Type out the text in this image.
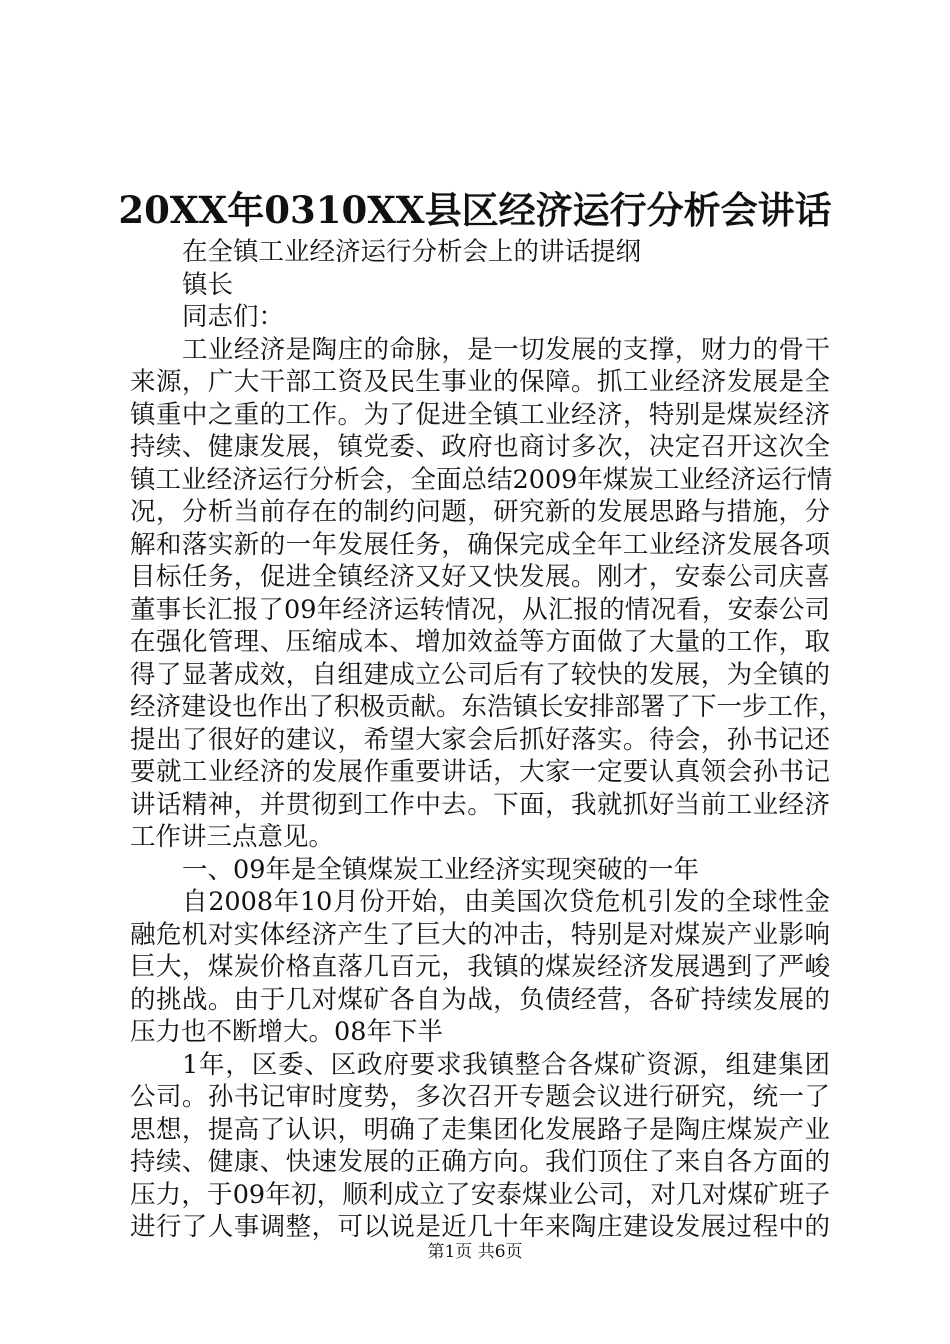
20XX年0310XX县区经济运行分析会讲话
在全镇工业经济运行分析会上的讲话提纲
镇长
同志们：
工业经济是陶庄的命脉，是一切发展的支撑，财力的骨干
来源，广大干部工资及民生事业的保障。抓工业经济发展是全
镇重中之重的工作。为了促进全镇工业经济，特别是煤炭经济
持续、健康发展，镇党委、政府也商讨多次，决定召开这次全
镇工业经济运行分析会，全面总结2009年煤炭工业经济运行情
况，分析当前存在的制约问题，研究新的发展思路与措施，分
解和落实新的一年发展任务，确保完成全年工业经济发展各项
目标任务，促进全镇经济又好又快发展。刚才，安泰公司庆喜
董事长汇报了09年经济运转情况，从汇报的情况看，安泰公司
在强化管理、压缩成本、增加效益等方面做了大量的工作，取
得了显著成效，自组建成立公司后有了较快的发展，为全镇的
经济建设也作出了积极贡献。东浩镇长安排部署了下一步工作，
提出了很好的建议，希望大家会后抓好落实。待会，孙书记还
要就工业经济的发展作重要讲话，大家一定要认真领会孙书记
讲话精神，并贯彻到工作中去。下面，我就抓好当前工业经济
工作讲三点意见。
一、09年是全镇煤炭工业经济实现突破的一年
自2008年10月份开始，由美国次贷危机引发的全球性金
融危机对实体经济产生了巨大的冲击，特别是对煤炭产业影响
巨大，煤炭价格直落几百元，我镇的煤炭经济发展遇到了严峻
的挑战。由于几对煤矿各自为战，负债经营，各矿持续发展的
压力也不断增大。08年下半
1年，区委、区政府要求我镇整合各煤矿资源，组建集团
公司。孙书记审时度势，多次召开专题会议进行研究，统一了
思想，提高了认识，明确了走集团化发展路子是陶庄煤炭产业
持续、健康、快速发展的正确方向。我们顶住了来自各方面的
压力，于09年初，顺利成立了安泰煤业公司，对几对煤矿班子
进行了人事调整，可以说是近几十年来陶庄建设发展过程中的
第1页 共6页
